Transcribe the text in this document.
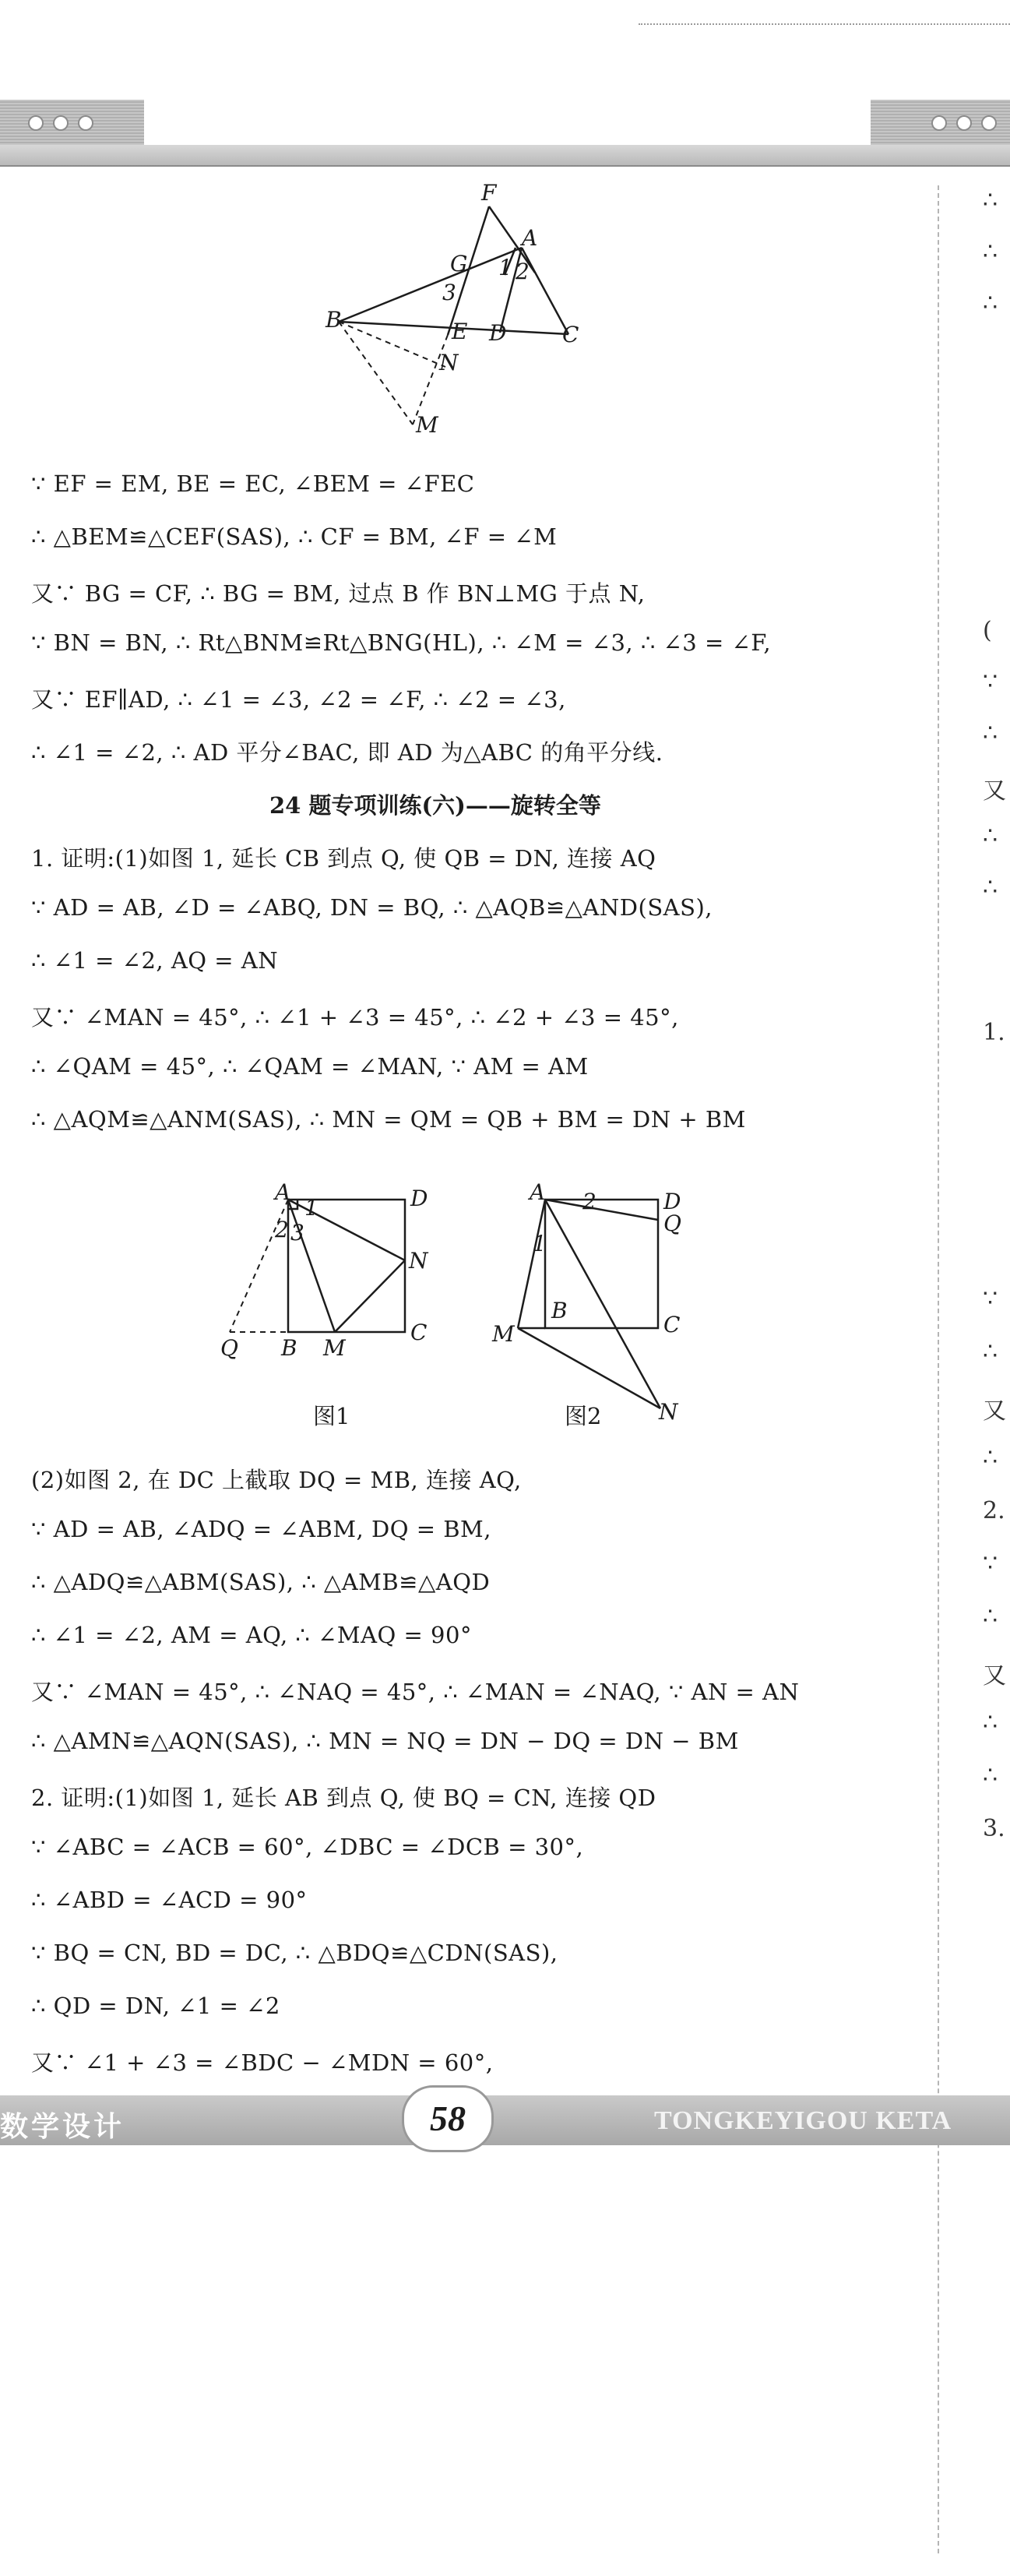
F
A
G 1 2
3
B	E D	C
N
M
∵ EF = EM, BE = EC, ∠BEM = ∠FEC
∴ △BEM≌△CEF(SAS), ∴ CF = BM, ∠F = ∠M
又∵ BG = CF, ∴ BG = BM, 过点 B 作 BN⊥MG 于点 N,
∵ BN = BN, ∴ Rt△BNM≌Rt△BNG(HL), ∴ ∠M = ∠3, ∴ ∠3 = ∠F,
又∵ EF∥AD, ∴ ∠1 = ∠3, ∠2 = ∠F, ∴ ∠2 = ∠3,
∴ ∠1 = ∠2, ∴ AD 平分∠BAC, 即 AD 为△ABC 的角平分线.
24 题专项训练(六)——旋转全等
1. 证明:(1)如图 1, 延长 CB 到点 Q, 使 QB = DN, 连接 AQ
∵ AD = AB, ∠D = ∠ABQ, DN = BQ, ∴ △AQB≌△AND(SAS),
∴ ∠1 = ∠2, AQ = AN
又∵ ∠MAN = 45°, ∴ ∠1 + ∠3 = 45°, ∴ ∠2 + ∠3 = 45°,
∴ ∠QAM = 45°, ∴ ∠QAM = ∠MAN, ∵ AM = AM
∴ △AQM≌△ANM(SAS), ∴ MN = QM = QB + BM = DN + BM
A	D
2 3
1
N
Q B M
C
图1
A 2	D
Q
1
B
M	C
N
图2
(2)如图 2, 在 DC 上截取 DQ = MB, 连接 AQ,
∵ AD = AB, ∠ADQ = ∠ABM, DQ = BM,
∴ △ADQ≌△ABM(SAS), ∴ △AMB≌△AQD
∴ ∠1 = ∠2, AM = AQ, ∴ ∠MAQ = 90°
又∵ ∠MAN = 45°, ∴ ∠NAQ = 45°, ∴ ∠MAN = ∠NAQ, ∵ AN = AN
∴ △AMN≌△AQN(SAS), ∴ MN = NQ = DN − DQ = DN − BM
2. 证明:(1)如图 1, 延长 AB 到点 Q, 使 BQ = CN, 连接 QD
∵ ∠ABC = ∠ACB = 60°, ∠DBC = ∠DCB = 30°,
∴ ∠ABD = ∠ACD = 90°
∵ BQ = CN, BD = DC, ∴ △BDQ≌△CDN(SAS),
∴ QD = DN, ∠1 = ∠2
又∵ ∠1 + ∠3 = ∠BDC − ∠MDN = 60°,
∴
∴
∴
(
∵
∴
又
∴
∴
1.
∵
∴
又
∴
2.
∵
∴
又
∴
∴
3.
数学设计	58	TONGKEYIGOU KETA
